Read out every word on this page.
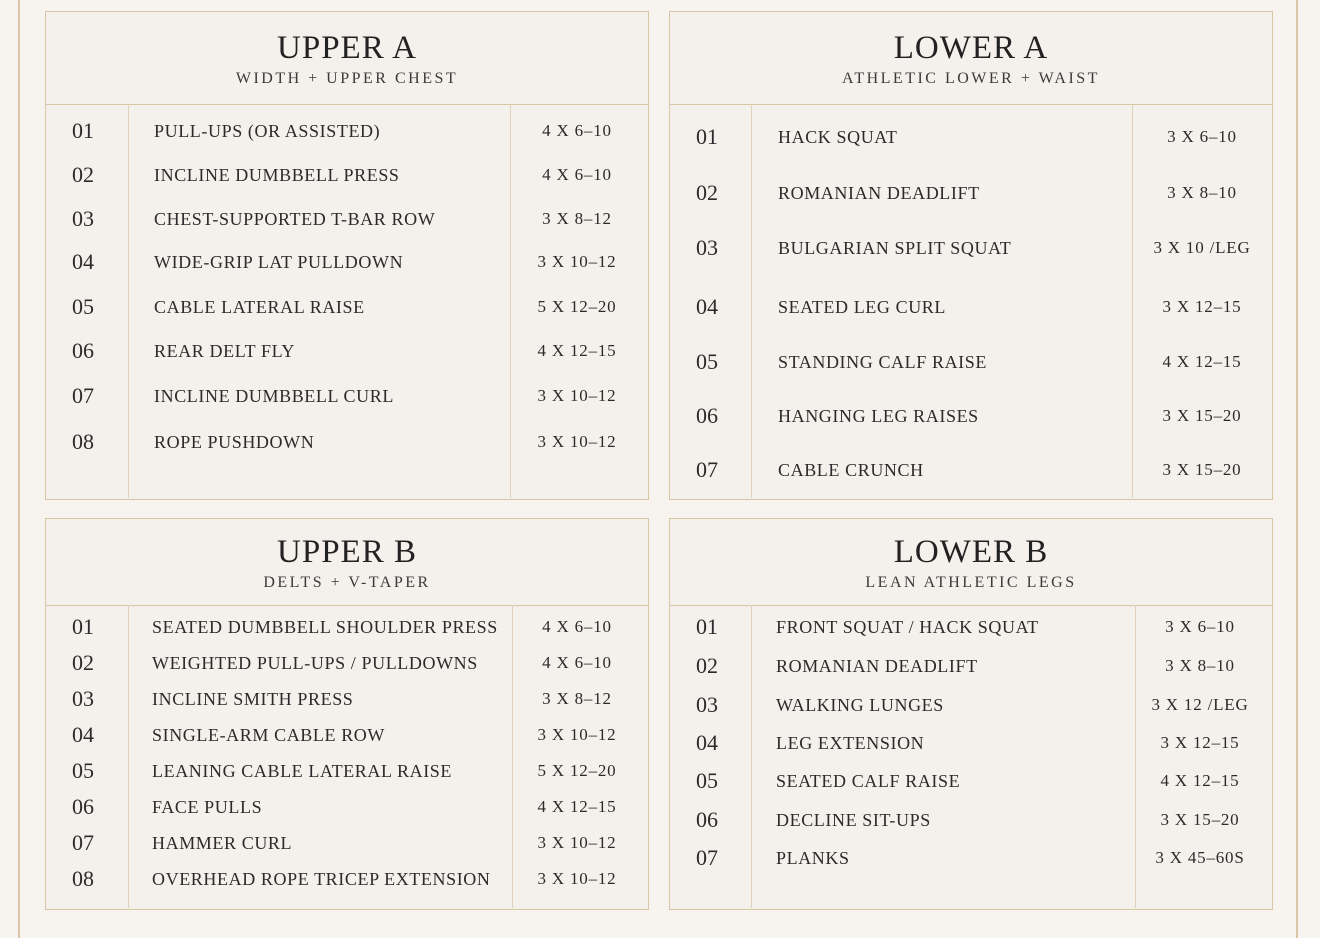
UPPER A
WIDTH + UPPER CHEST
01	PULL-UPS (OR ASSISTED)	4 X 6–10
02	INCLINE DUMBBELL PRESS	4 X 6–10
03	CHEST-SUPPORTED T-BAR ROW	3 X 8–12
04	WIDE-GRIP LAT PULLDOWN	3 X 10–12
05	CABLE LATERAL RAISE	5 X 12–20
06	REAR DELT FLY	4 X 12–15
07	INCLINE DUMBBELL CURL	3 X 10–12
08	ROPE PUSHDOWN	3 X 10–12
LOWER A
ATHLETIC LOWER + WAIST
01	HACK SQUAT	3 X 6–10
02	ROMANIAN DEADLIFT	3 X 8–10
03	BULGARIAN SPLIT SQUAT	3 X 10 /LEG
04	SEATED LEG CURL	3 X 12–15
05	STANDING CALF RAISE	4 X 12–15
06	HANGING LEG RAISES	3 X 15–20
07	CABLE CRUNCH	3 X 15–20
UPPER B
DELTS + V-TAPER
01	SEATED DUMBBELL SHOULDER PRESS	4 X 6–10
02	WEIGHTED PULL-UPS / PULLDOWNS	4 X 6–10
03	INCLINE SMITH PRESS	3 X 8–12
04	SINGLE-ARM CABLE ROW	3 X 10–12
05	LEANING CABLE LATERAL RAISE	5 X 12–20
06	FACE PULLS	4 X 12–15
07	HAMMER CURL	3 X 10–12
08	OVERHEAD ROPE TRICEP EXTENSION	3 X 10–12
LOWER B
LEAN ATHLETIC LEGS
01	FRONT SQUAT / HACK SQUAT	3 X 6–10
02	ROMANIAN DEADLIFT	3 X 8–10
03	WALKING LUNGES	3 X 12 /LEG
04	LEG EXTENSION	3 X 12–15
05	SEATED CALF RAISE	4 X 12–15
06	DECLINE SIT-UPS	3 X 15–20
07	PLANKS	3 X 45–60S
